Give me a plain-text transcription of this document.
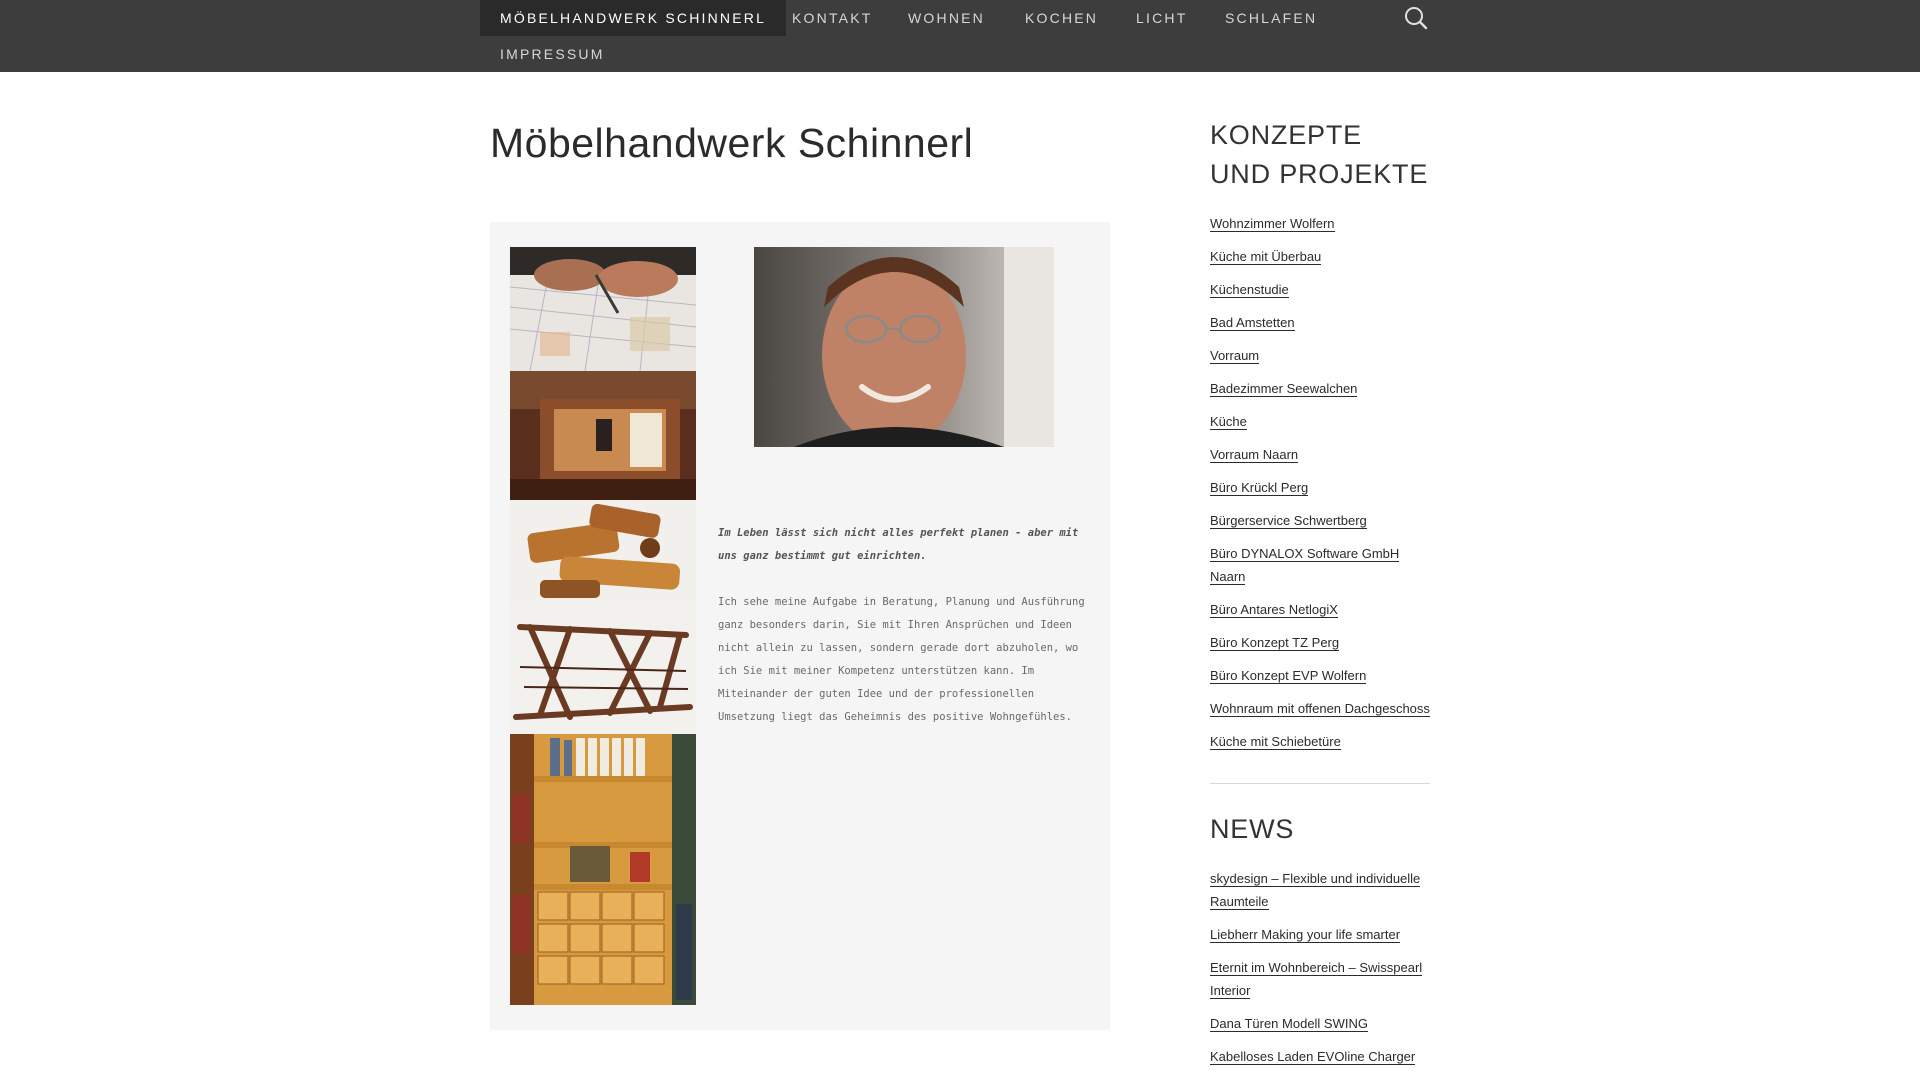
MÖBELHANDWERK SCHINNERL	KONTAKT	WOHNEN	KOCHEN	LICHT	SCHLAFEN
IMPRESSUM
Möbelhandwerk Schinnerl

Im Leben lässt sich nicht alles perfekt planen - aber mit uns ganz bestimmt gut einrichten.

Ich sehe meine Aufgabe in Beratung, Planung und Ausführung ganz besonders darin, Sie mit Ihren Ansprüchen und Ideen nicht allein zu lassen, sondern gerade dort abzuholen, wo ich Sie mit meiner Kompetenz unterstützen kann. Im Miteinander der guten Idee und der professionellen Umsetzung liegt das Geheimnis des positive Wohngefühles.

KONZEPTE UND PROJEKTE
Wohnzimmer Wolfern
Küche mit Überbau
Küchenstudie
Bad Amstetten
Vorraum
Badezimmer Seewalchen
Küche
Vorraum Naarn
Büro Krückl Perg
Bürgerservice Schwertberg
Büro DYNALOX Software GmbH Naarn
Büro Antares NetlogiX
Büro Konzept TZ Perg
Büro Konzept EVP Wolfern
Wohnraum mit offenen Dachgeschoss
Küche mit Schiebetüre
NEWS
skydesign – Flexible und individuelle Raumteile
Liebherr Making your life smarter
Eternit im Wohnbereich – Swisspearl Interior
Dana Türen Modell SWING
Kabelloses Laden EVOline Charger
